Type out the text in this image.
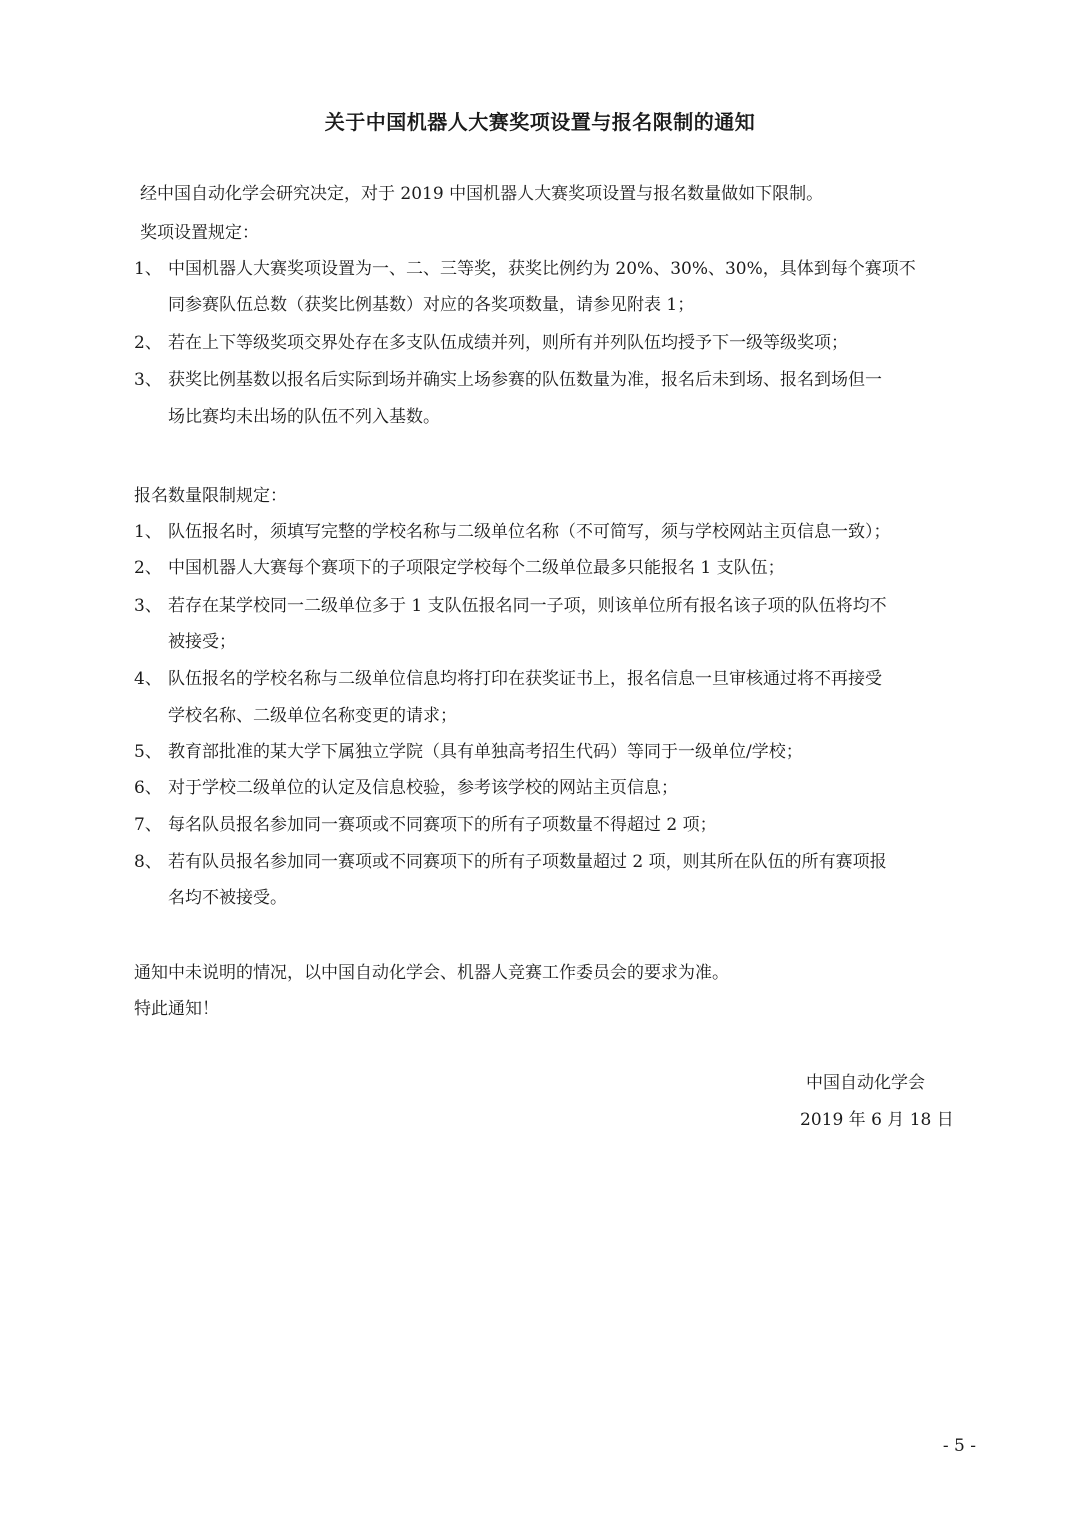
关于中国机器人大赛奖项设置与报名限制的通知
经中国自动化学会研究决定，对于 2019 中国机器人大赛奖项设置与报名数量做如下限制。
奖项设置规定：
1、 中国机器人大赛奖项设置为一、二、三等奖，获奖比例约为 20%、30%、30%，具体到每个赛项不
同参赛队伍总数（获奖比例基数）对应的各奖项数量，请参见附表 1；
2、 若在上下等级奖项交界处存在多支队伍成绩并列，则所有并列队伍均授予下一级等级奖项；
3、 获奖比例基数以报名后实际到场并确实上场参赛的队伍数量为准，报名后未到场、报名到场但一
场比赛均未出场的队伍不列入基数。
报名数量限制规定：
1、 队伍报名时，须填写完整的学校名称与二级单位名称（不可简写，须与学校网站主页信息一致）；
2、 中国机器人大赛每个赛项下的子项限定学校每个二级单位最多只能报名 1 支队伍；
3、 若存在某学校同一二级单位多于 1 支队伍报名同一子项，则该单位所有报名该子项的队伍将均不
被接受；
4、 队伍报名的学校名称与二级单位信息均将打印在获奖证书上，报名信息一旦审核通过将不再接受
学校名称、二级单位名称变更的请求；
5、 教育部批准的某大学下属独立学院（具有单独高考招生代码）等同于一级单位/学校；
6、 对于学校二级单位的认定及信息校验，参考该学校的网站主页信息；
7、 每名队员报名参加同一赛项或不同赛项下的所有子项数量不得超过 2 项；
8、 若有队员报名参加同一赛项或不同赛项下的所有子项数量超过 2 项，则其所在队伍的所有赛项报
名均不被接受。
通知中未说明的情况，以中国自动化学会、机器人竞赛工作委员会的要求为准。
特此通知！
中国自动化学会
2019 年 6 月 18 日
- 5 -
